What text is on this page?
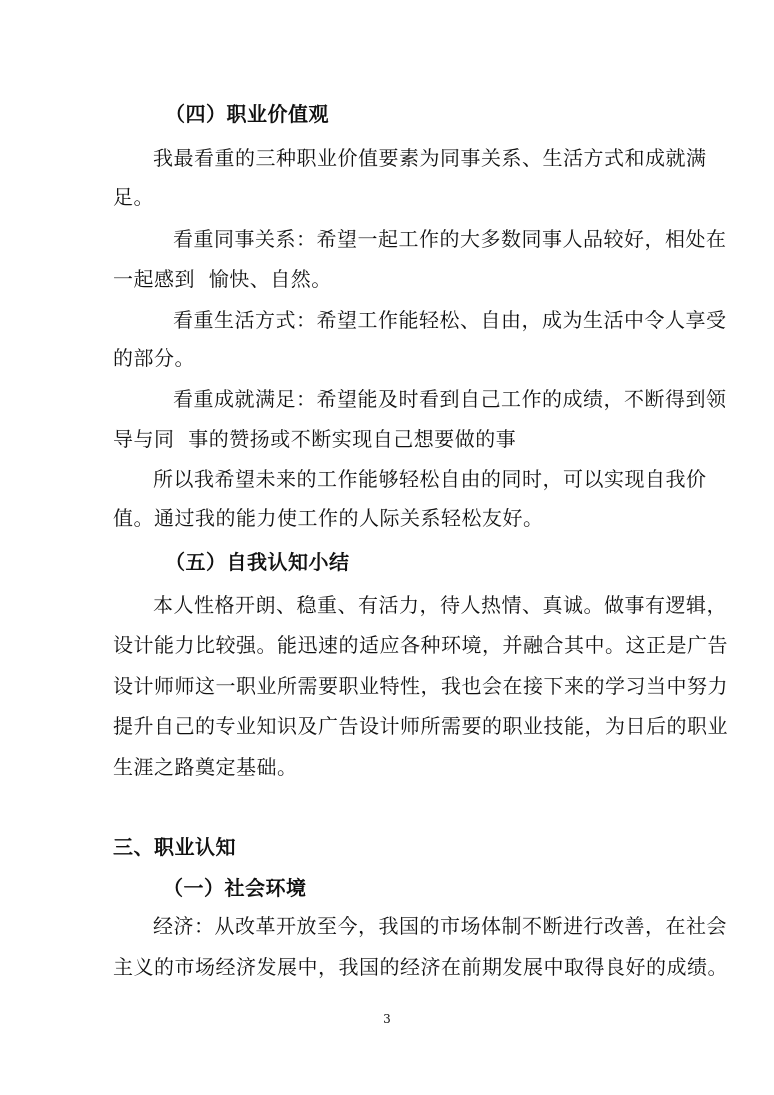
（四）职业价值观
我最看重的三种职业价值要素为同事关系、生活方式和成就满
足。
看重同事关系：希望一起工作的大多数同事人品较好，相处在
一起感到  愉快、自然。
看重生活方式：希望工作能轻松、自由，成为生活中令人享受
的部分。
看重成就满足：希望能及时看到自己工作的成绩，不断得到领
导与同  事的赞扬或不断实现自己想要做的事
所以我希望未来的工作能够轻松自由的同时，可以实现自我价
值。通过我的能力使工作的人际关系轻松友好。
（五）自我认知小结
本人性格开朗、稳重、有活力，待人热情、真诚。做事有逻辑，
设计能力比较强。能迅速的适应各种环境，并融合其中。这正是广告
设计师师这一职业所需要职业特性，我也会在接下来的学习当中努力
提升自己的专业知识及广告设计师所需要的职业技能，为日后的职业
生涯之路奠定基础。
三、职业认知
（一）社会环境
经济：从改革开放至今，我国的市场体制不断进行改善，在社会
主义的市场经济发展中，我国的经济在前期发展中取得良好的成绩。
3
